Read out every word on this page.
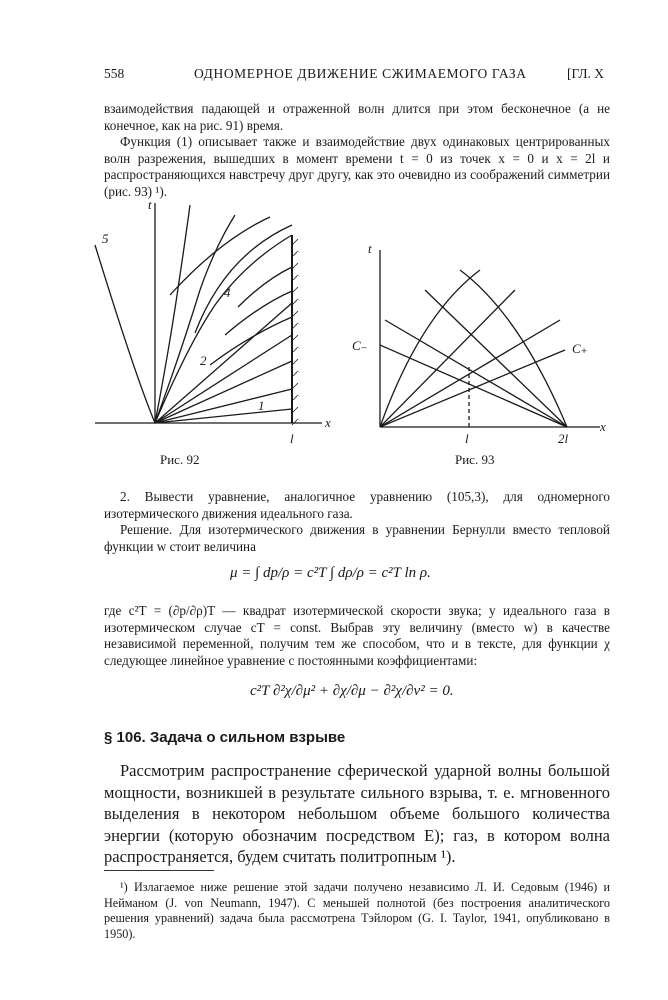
558	ОДНОМЕРНОЕ ДВИЖЕНИЕ СЖИМАЕМОГО ГАЗА	[ГЛ. X
взаимодействия падающей и отраженной волн длится при этом бесконечное (а не конечное, как на рис. 91) время.
Функция (1) описывает также и взаимодействие двух одинаковых центрированных волн разрежения, вышедших в момент времени t = 0 из точек x = 0 и x = 2l и распространяющихся навстречу друг другу, как это очевидно из соображений симметрии (рис. 93) ¹).
t
x
l
5
4
2
1
t
x
l	2l
C₋	C₊
Рис. 92	Рис. 93
2. Вывести уравнение, аналогичное уравнению (105,3), для одномерного изотермического движения идеального газа.
Решение. Для изотермического движения в уравнении Бернулли вместо тепловой функции w стоит величина
μ = ∫ dp/ρ = c²T ∫ dρ/ρ = c²T ln ρ.
где c²T = (∂p/∂ρ)T — квадрат изотермической скорости звука; у идеального газа в изотермическом случае cT = const. Выбрав эту величину (вместо w) в качестве независимой переменной, получим тем же способом, что и в тексте, для функции χ следующее линейное уравнение с постоянными коэффициентами:
c²T ∂²χ/∂μ² + ∂χ/∂μ − ∂²χ/∂v² = 0.
§ 106. Задача о сильном взрыве
Рассмотрим распространение сферической ударной волны большой мощности, возникшей в результате сильного взрыва, т. е. мгновенного выделения в некотором небольшом объеме большого количества энергии (которую обозначим посредством E); газ, в котором волна распространяется, будем считать политропным ¹).
¹) Излагаемое ниже решение этой задачи получено независимо Л. И. Седовым (1946) и Нейманом (J. von Neumann, 1947). С меньшей полнотой (без построения аналитического решения уравнений) задача была рассмотрена Тэйлором (G. I. Taylor, 1941, опубликовано в 1950).
